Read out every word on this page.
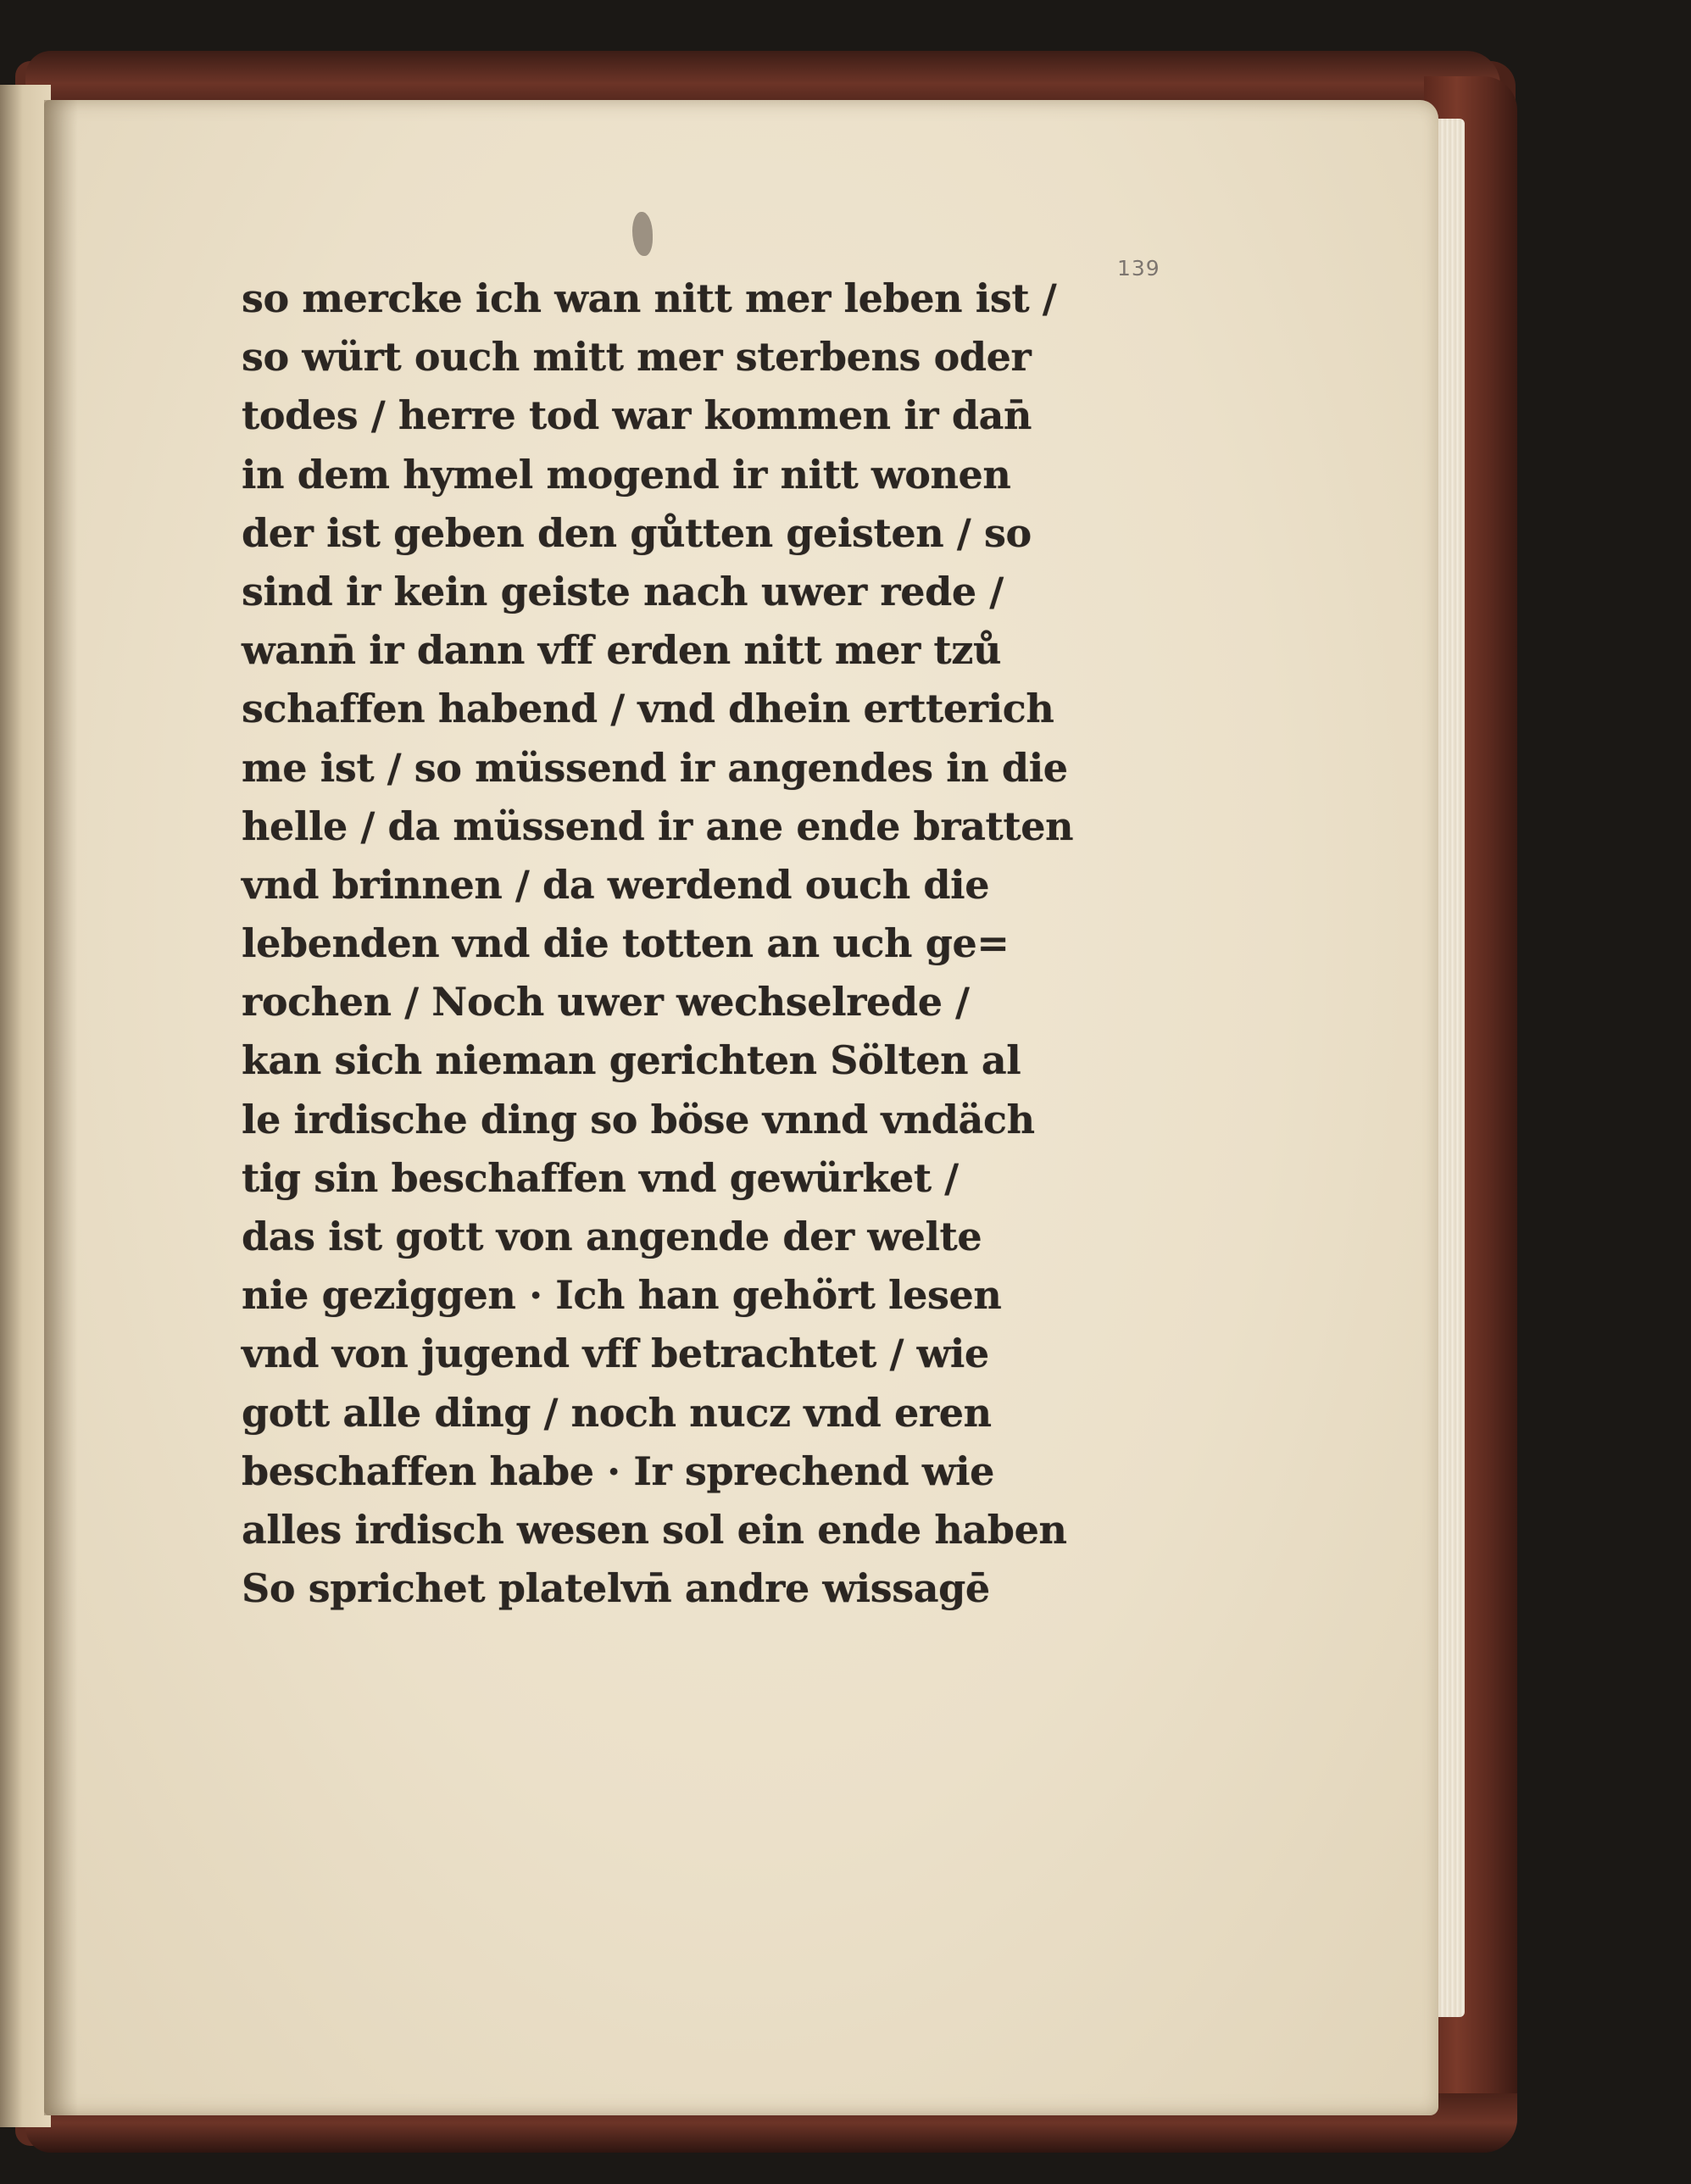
139
so mercke ich wan nitt mer leben ist /
so würt ouch mitt mer sterbens oder
todes / herre tod war kommen ir dan̄
in dem hymel mogend ir nitt wonen
der ist geben den gůtten geisten / so
sind ir kein geiste nach uwer rede /
wann̄ ir dann vff erden nitt mer tzů
schaffen habend / vnd dhein ertterich
me ist / so müssend ir angendes in die
helle / da müssend ir ane ende bratten
vnd brinnen / da werdend ouch die
lebenden vnd die totten an uch ge=
rochen / Noch uwer wechselrede /
kan sich nieman gerichten Sölten al
le irdische ding so böse vnnd vndäch
tig sin beschaffen vnd gewürket /
das ist gott von angende der welte
nie geziggen · Ich han gehört lesen
vnd von jugend vff betrachtet / wie
gott alle ding / noch nucz vnd eren
beschaffen habe · Ir sprechend wie
alles irdisch wesen sol ein ende haben
So sprichet platelvn̄ andre wissagē
